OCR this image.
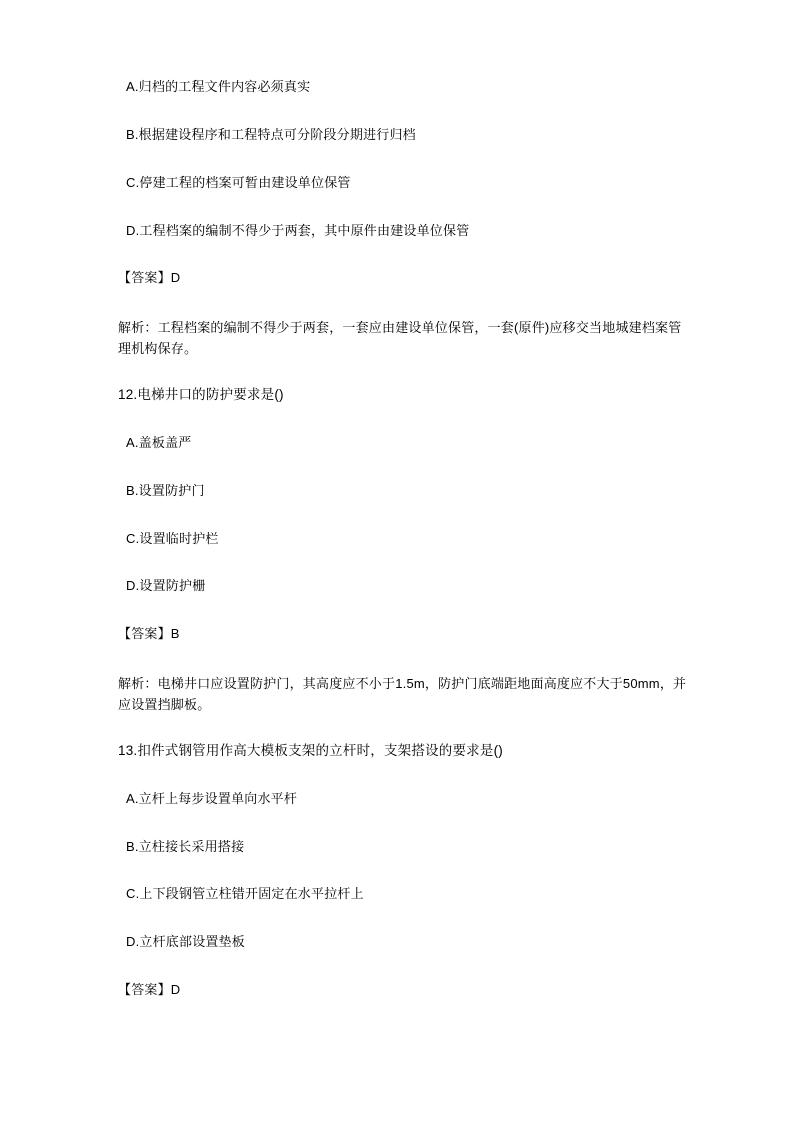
A.归档的工程文件内容必须真实

B.根据建设程序和工程特点可分阶段分期进行归档

C.停建工程的档案可暂由建设单位保管

D.工程档案的编制不得少于两套，其中原件由建设单位保管

【答案】D

解析：工程档案的编制不得少于两套，一套应由建设单位保管，一套(原件)应移交当地城建档案管理机构保存。

12.电梯井口的防护要求是()

A.盖板盖严

B.设置防护门

C.设置临时护栏

D.设置防护栅

【答案】B

解析：电梯井口应设置防护门，其高度应不小于1.5m，防护门底端距地面高度应不大于50mm，并应设置挡脚板。

13.扣件式钢管用作高大模板支架的立杆时，支架搭设的要求是()

A.立杆上每步设置单向水平杆

B.立柱接长采用搭接

C.上下段钢管立柱错开固定在水平拉杆上

D.立杆底部设置垫板

【答案】D
